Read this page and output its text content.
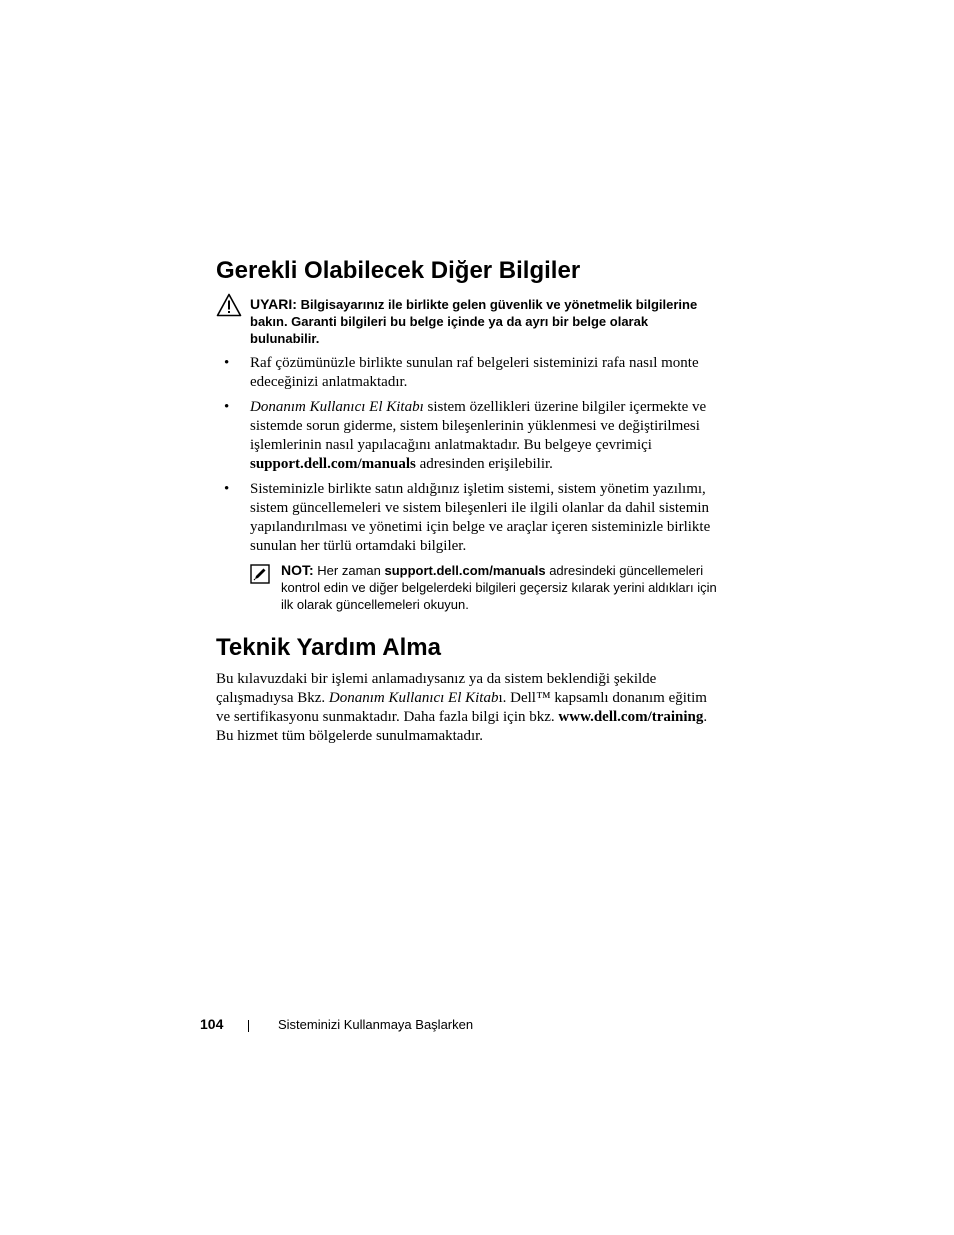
Gerekli Olabilecek Diğer Bilgiler
UYARI: Bilgisayarınız ile birlikte gelen güvenlik ve yönetmelik bilgilerine bakın. Garanti bilgileri bu belge içinde ya da ayrı bir belge olarak bulunabilir.
• Raf çözümünüzle birlikte sunulan raf belgeleri sisteminizi rafa nasıl monte edeceğinizi anlatmaktadır.
• Donanım Kullanıcı El Kitabı sistem özellikleri üzerine bilgiler içermekte ve sistemde sorun giderme, sistem bileşenlerinin yüklenmesi ve değiştirilmesi işlemlerinin nasıl yapılacağını anlatmaktadır. Bu belgeye çevrimiçi support.dell.com/manuals adresinden erişilebilir.
• Sisteminizle birlikte satın aldığınız işletim sistemi, sistem yönetim yazılımı, sistem güncellemeleri ve sistem bileşenleri ile ilgili olanlar da dahil sistemin yapılandırılması ve yönetimi için belge ve araçlar içeren sisteminizle birlikte sunulan her türlü ortamdaki bilgiler.
NOT: Her zaman support.dell.com/manuals adresindeki güncellemeleri kontrol edin ve diğer belgelerdeki bilgileri geçersiz kılarak yerini aldıkları için ilk olarak güncellemeleri okuyun.
Teknik Yardım Alma

Bu kılavuzdaki bir işlemi anlamadıysanız ya da sistem beklendiği şekilde çalışmadıysa Bkz. Donanım Kullanıcı El Kitabı. Dell™ kapsamlı donanım eğitim ve sertifikasyonu sunmaktadır. Daha fazla bilgi için bkz. www.dell.com/training. Bu hizmet tüm bölgelerde sunulmamaktadır.

104	Sisteminizi Kullanmaya Başlarken
